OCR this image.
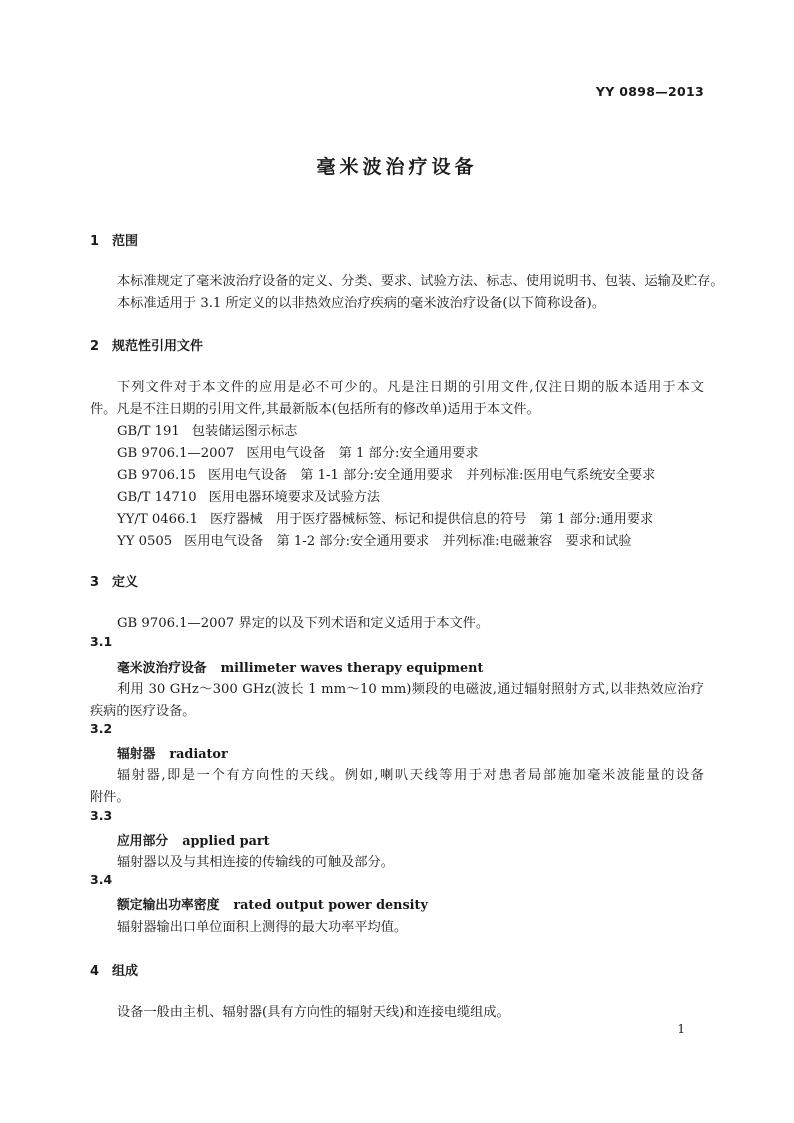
YY 0898—2013
毫米波治疗设备
1 范围
本标准规定了毫米波治疗设备的定义、分类、要求、试验方法、标志、使用说明书、包装、运输及贮存。
本标准适用于 3.1 所定义的以非热效应治疗疾病的毫米波治疗设备(以下简称设备)。
2 规范性引用文件
下列文件对于本文件的应用是必不可少的。凡是注日期的引用文件,仅注日期的版本适用于本文
件。凡是不注日期的引用文件,其最新版本(包括所有的修改单)适用于本文件。
GB/T 191 包装储运图示标志
GB 9706.1—2007 医用电气设备　第 1 部分:安全通用要求
GB 9706.15 医用电气设备　第 1-1 部分:安全通用要求　并列标准:医用电气系统安全要求
GB/T 14710 医用电器环境要求及试验方法
YY/T 0466.1 医疗器械　用于医疗器械标签、标记和提供信息的符号　第 1 部分:通用要求
YY 0505 医用电气设备　第 1-2 部分:安全通用要求　并列标准:电磁兼容　要求和试验
3 定义
GB 9706.1—2007 界定的以及下列术语和定义适用于本文件。
3.1
毫米波治疗设备 millimeter waves therapy equipment
利用 30 GHz～300 GHz(波长 1 mm～10 mm)频段的电磁波,通过辐射照射方式,以非热效应治疗
疾病的医疗设备。
3.2
辐射器 radiator
辐射器,即是一个有方向性的天线。例如,喇叭天线等用于对患者局部施加毫米波能量的设备
附件。
3.3
应用部分 applied part
辐射器以及与其相连接的传输线的可触及部分。
3.4
额定输出功率密度 rated output power density
辐射器输出口单位面积上测得的最大功率平均值。
4 组成
设备一般由主机、辐射器(具有方向性的辐射天线)和连接电缆组成。
1
